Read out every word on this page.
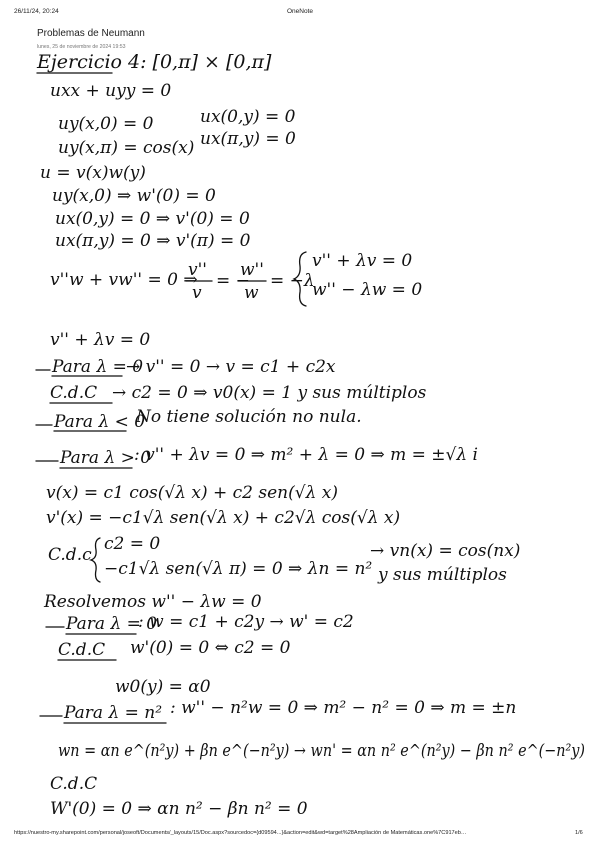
26/11/24, 20:24	OneNote
Problemas de Neumann
lunes, 25 de noviembre de 2024 19:53
Ejercicio 4: [0,π] × [0,π]
uxx + uyy = 0
uy(x,0) = 0	ux(0,y) = 0
uy(x,π) = cos(x) ux(π,y) = 0
u = v(x)w(y)
uy(x,0) ⇒ w'(0) = 0
ux(0,y) = 0 ⇒ v'(0) = 0
ux(π,y) = 0 ⇒ v'(π) = 0
v''w + vw'' = 0 ⇒
v''
v
= −
w''
w
= −λ
v'' + λv = 0
w'' − λw = 0
v'' + λv = 0
Para λ = 0
→ v'' = 0 → v = c1 + c2x
C.d.C → c2 = 0 ⇒ v0(x) = 1 y sus múltiplos
Para λ < 0
No tiene solución no nula.
Para λ > 0
: v'' + λv = 0 ⇒ m² + λ = 0 ⇒ m = ±√λ i
v(x) = c1 cos(√λ x) + c2 sen(√λ x)
v'(x) = −c1√λ sen(√λ x) + c2√λ cos(√λ x)
C.d.c
c2 = 0
−c1√λ sen(√λ π) = 0 ⇒ λn = n²
→ vn(x) = cos(nx)
y sus múltiplos
Resolvemos w'' − λw = 0
Para λ = 0
: w = c1 + c2y → w' = c2
C.d.C w'(0) = 0 ⇔ c2 = 0
w0(y) = α0
Para λ = n² : w'' − n²w = 0 ⇒ m² − n² = 0 ⇒ m = ±n
wn = αn e^(n²y) + βn e^(−n²y) → wn' = αn n² e^(n²y) − βn n² e^(−n²y)
C.d.C
W'(0) = 0 ⇒ αn n² − βn n² = 0
https://nuestro-my.sharepoint.com/personal/joseoft/Documents/_layouts/15/Doc.aspx?sourcedoc={d09594...}&action=edit&wd=target%28Ampliación de Matemáticas.one%7C917eb…	1/6
